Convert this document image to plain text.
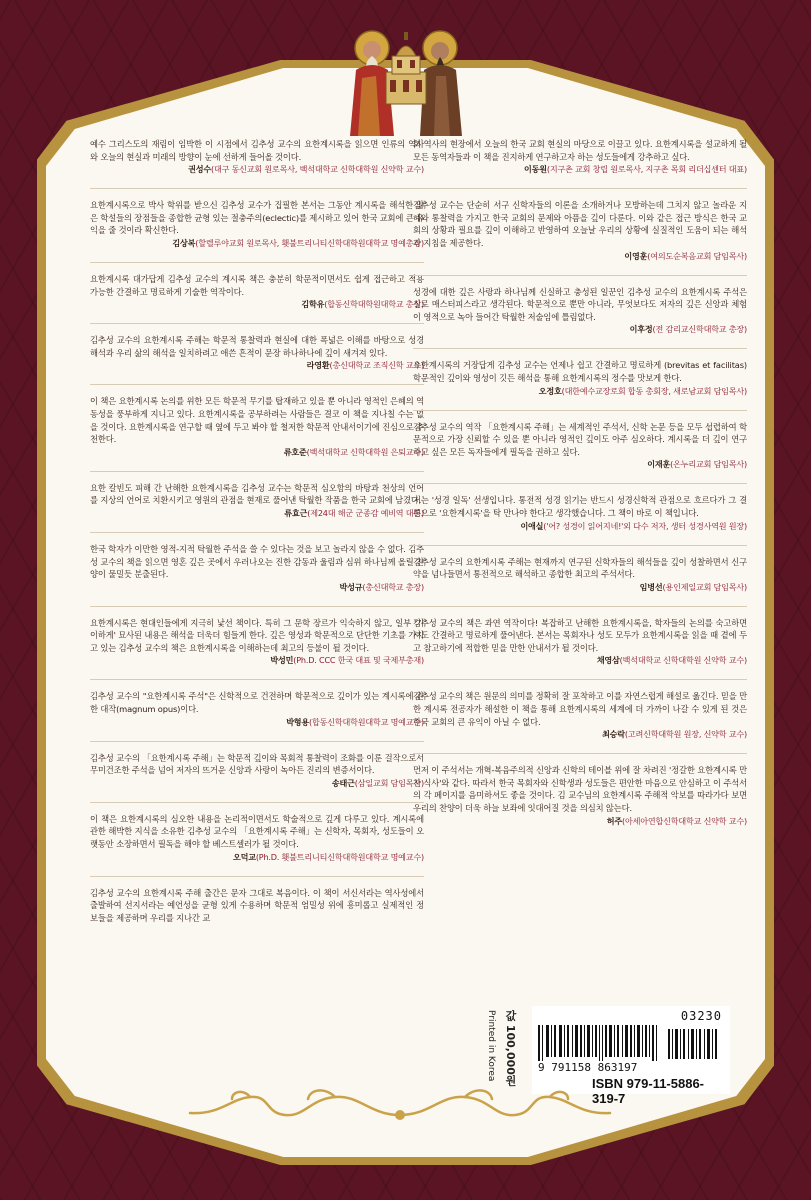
예수 그리스도의 재림이 임박한 이 시점에서 김추성 교수의 요한계시록을 읽으면 인류의 역사와 오늘의 현실과 미래의 방향이 눈에 선하게 들어올 것이다.

권성수(대구 동신교회 원로목사, 백석대학교 신학대학원 신약학 교수)

요한계시록으로 박사 학위를 받으신 김추성 교수가 집필한 본서는 그동안 계시록을 해석한 많은 학설들의 장점들을 종합한 균형 있는 절충주의(eclectic)를 제시하고 있어 한국 교회에 큰 유익을 줄 것이라 확신한다.

김상복(할렐루야교회 원로목사, 횃불트리니티신학대학원대학교 명예총장)

요한계시록 대가답게 김추성 교수의 계시록 책은 충분히 학문적이면서도 쉽게 접근하고 적용 가능한 간결하고 명료하게 기술한 역작이다.

김학유(합동신학대학원대학교 총장)

김추성 교수의 요한계시록 주해는 학문적 통찰력과 현실에 대한 폭넓은 이해를 바탕으로 성경 해석과 우리 삶의 해석을 일치하려고 애쓴 흔적이 문장 하나하나에 깊이 새겨져 있다.

라영환(총신대학교 조직신학 교수)

이 책은 요한계시록 논의를 위한 모든 학문적 무기를 탑재하고 있을 뿐 아니라 영적인 은혜의 역동성을 풍부하게 지니고 있다. 요한계시록을 공부하려는 사람들은 결코 이 책을 지나칠 수는 없을 것이다. 요한계시록을 연구할 때 옆에 두고 봐야 할 철저한 학문적 안내서이기에 진심으로 추천한다.

류호준(백석대학교 신학대학원 은퇴교수)

요한 칼빈도 피해 간 난해한 요한계시록을 김추성 교수는 학문적 심오함의 바탕과 천상의 언어를 지상의 언어로 치환시키고 영원의 관점을 현재로 풀어낸 탁월한 작품을 한국 교회에 남겼다.

류효근(제24대 해군 군종감 예비역 대령)

한국 학자가 이만한 영적-지적 탁월한 주석을 쓸 수 있다는 것을 보고 놀라지 않을 수 없다. 김추성 교수의 책을 읽으면 영혼 깊은 곳에서 우러나오는 진한 감동과 울림과 심위 하나님께 올릴 찬양이 물밀듯 분출된다.

박성규(총신대학교 총장)

요한계시록은 현대인들에게 지극히 낯선 책이다. 특히 그 문학 장르가 익숙하지 않고, 일부 '기이하게' 묘사된 내용은 해석을 더욱더 힘들게 한다. 깊은 영성과 학문적으로 단단한 기초를 가지고 있는 김추성 교수의 책은 요한계시록을 이해하는데 최고의 등불이 될 것이다.

박성민(Ph.D. CCC 한국 대표 및 국제부총재)

김추성 교수의 "요한계시록 주석"은 신학적으로 건전하며 학문적으로 깊이가 있는 계시록에 관한 대작(magnum opus)이다.

박형용(합동신학대학원대학교 명예교수)

김추성 교수의 「요한계시록 주해」는 학문적 깊이와 목회적 통찰력이 조화를 이룬 걸작으로서 무미건조한 주석을 넘어 저자의 뜨거운 신앙과 사랑이 녹아든 진리의 변증서이다.

송태근(삼일교회 담임목사)

이 책은 요한계시록의 심오한 내용을 논리적이면서도 학술적으로 깊게 다루고 있다. 계시록에 관한 해박한 지식을 소유한 김추성 교수의 「요한계시록 주해」는 신학자, 목회자, 성도들이 오랫동안 소장하면서 필독을 해야 할 베스트셀러가 될 것이다.

오덕교(Ph.D. 횃불트리니티신학대학원대학교 명예교수)

김추성 교수의 요한계시록 주해 출간은 문자 그대로 복음이다. 이 책이 서신서라는 역사성에서 출발하여 선지서라는 예언성을 균형 있게 수용하며 학문적 엄밀성 위에 흥미롭고 실제적인 정보들을 제공하며 우리를 지나간 교

회 역사의 현장에서 오늘의 한국 교회 현실의 마당으로 이끌고 있다. 요한계시록을 설교하게 될 모든 동역자들과 이 책을 진지하게 연구하고자 하는 성도들에게 강추하고 싶다.

이동원(지구촌 교회 창립 원로목사, 지구촌 목회 리더십센터 대표)

김추성 교수는 단순히 서구 신학자들의 이론을 소개하거나 모방하는데 그치지 않고 놀라운 지혜와 통찰력을 가지고 한국 교회의 문제와 아픔을 깊이 다룬다. 이와 같은 접근 방식은 한국 교회의 상황과 필요를 깊이 이해하고 반영하여 오늘날 우리의 상황에 실질적인 도움이 되는 해석과 지침을 제공한다.

이영훈(여의도순복음교회 담임목사)

성경에 대한 깊은 사랑과 하나님께 신실하고 충성된 일꾼인 김추성 교수의 요한계시록 주석은 실로 매스터피스라고 생각된다. 학문적으로 뿐만 아니라, 무엇보다도 저자의 깊은 신앙과 체험이 영적으로 녹아 들어간 탁월한 저술임에 틀림없다.

이후정(전 감리교신학대학교 총장)

요한계시록의 거장답게 김추성 교수는 언제나 쉽고 간결하고 명료하게 (brevitas et facilitas) 학문적인 깊이와 영성이 깃든 해석을 통해 요한계시록의 정수를 맛보게 한다.

오정호(대한예수교장로회 합동 총회장, 새로남교회 담임목사)

김추성 교수의 역작 「요한계시록 주해」는 세계적인 주석서, 신학 논문 등을 모두 섭렵하여 학문적으로 가장 신뢰할 수 있을 뿐 아니라 영적인 깊이도 아주 심오하다. 계시록을 더 깊이 연구하고 싶은 모든 독자들에게 필독을 권하고 싶다.

이재훈(온누리교회 담임목사)

저는 '성경 일독' 선생입니다. 통전적 성경 읽기는 반드시 성경신학적 관점으로 흐르다가 그 결론으로 '요한계시록'을 탁 만나야 한다고 생각했습니다. 그 책이 바로 이 책입니다.

이애실('어? 성경이 읽어지네!'외 다수 저자, 생터 성경사역원 원장)

김추성 교수의 요한계시록 주해는 현재까지 연구된 신학자들의 해석들을 깊이 성찰하면서 신구약을 넘나들면서 통전적으로 해석하고 종합한 최고의 주석서다.

임병선(용인제일교회 담임목사)

김추성 교수의 책은 과연 역작이다! 복잡하고 난해한 요한계시록을, 학자들의 논의를 숙고하면서도 간결하고 명료하게 풀어낸다. 본서는 목회자나 성도 모두가 요한계시록을 읽을 때 곁에 두고 참고하기에 적합한 믿을 만한 안내서가 될 것이다.

채영삼(백석대학교 신학대학원 신약학 교수)

김추성 교수의 책은 원문의 의미를 정확히 잘 포착하고 이를 자연스럽게 해설로 옮긴다. 믿을 만한 계시록 전공자가 해설한 이 책을 통해 요한계시록의 세계에 더 가까이 나갈 수 있게 된 것은 한국 교회의 큰 유익이 아닐 수 없다.

최승락(고려신학대학원 원장, 신약학 교수)

먼저 이 주석서는 개혁-복음주의적 신앙과 신학의 테이블 위에 잘 차려진 '정갈한 요한계시록 만찬 식사'와 같다. 따라서 한국 목회자와 신학생과 성도들은 편안한 마음으로 안심하고 이 주석서의 각 페이지를 음미하셔도 좋을 것이다. 김 교수님의 요한계시록 주해적 악보를 따라가다 보면 우리의 찬양이 더욱 하늘 보좌에 잇대어질 것을 의심치 않는다.

허주(아세아연합신학대학교 신약학 교수)
Printed in Korea 값 100,000원	03230
9 791158 863197
ISBN 979-11-5886-319-7
